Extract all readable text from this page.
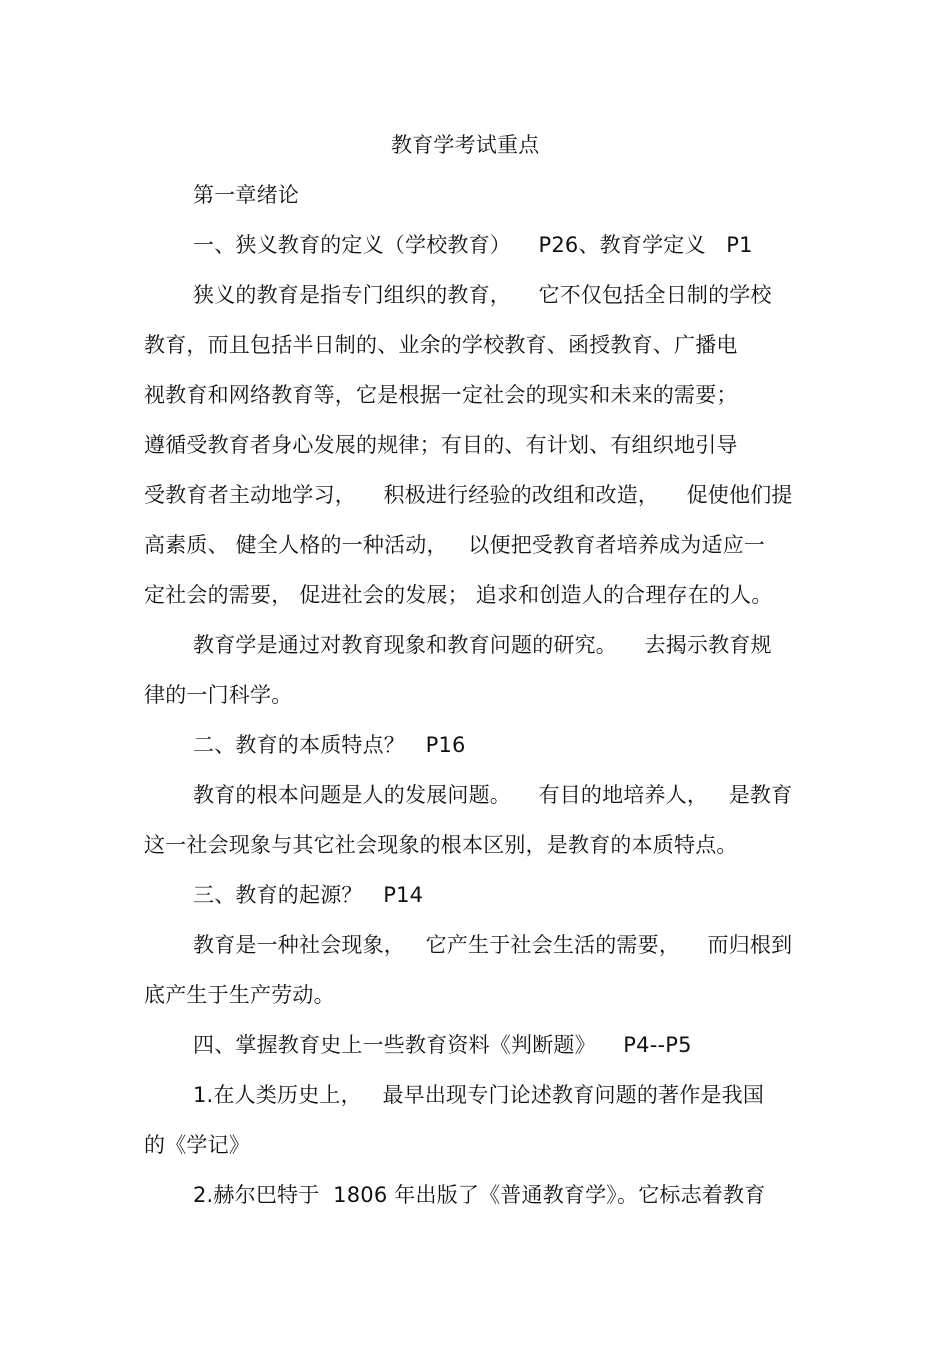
教育学考试重点
第一章绪论
一、狭义教育的定义（学校教育）    P26、教育学定义   P1
狭义的教育是指专门组织的教育，    它不仅包括全日制的学校
教育，而且包括半日制的、业余的学校教育、函授教育、广播电
视教育和网络教育等，它是根据一定社会的现实和未来的需要；
遵循受教育者身心发展的规律；有目的、有计划、有组织地引导
受教育者主动地学习，    积极进行经验的改组和改造，    促使他们提
高素质、 健全人格的一种活动，   以便把受教育者培养成为适应一
定社会的需要， 促进社会的发展； 追求和创造人的合理存在的人。
教育学是通过对教育现象和教育问题的研究。    去揭示教育规
律的一门科学。
二、教育的本质特点？   P16
教育的根本问题是人的发展问题。    有目的地培养人，   是教育
这一社会现象与其它社会现象的根本区别，是教育的本质特点。
三、教育的起源？   P14
教育是一种社会现象，   它产生于社会生活的需要，    而归根到
底产生于生产劳动。
四、掌握教育史上一些教育资料《判断题》    P4--P5
1.在人类历史上，   最早出现专门论述教育问题的著作是我国
的《学记》
2.赫尔巴特于  1806 年出版了《普通教育学》。它标志着教育
